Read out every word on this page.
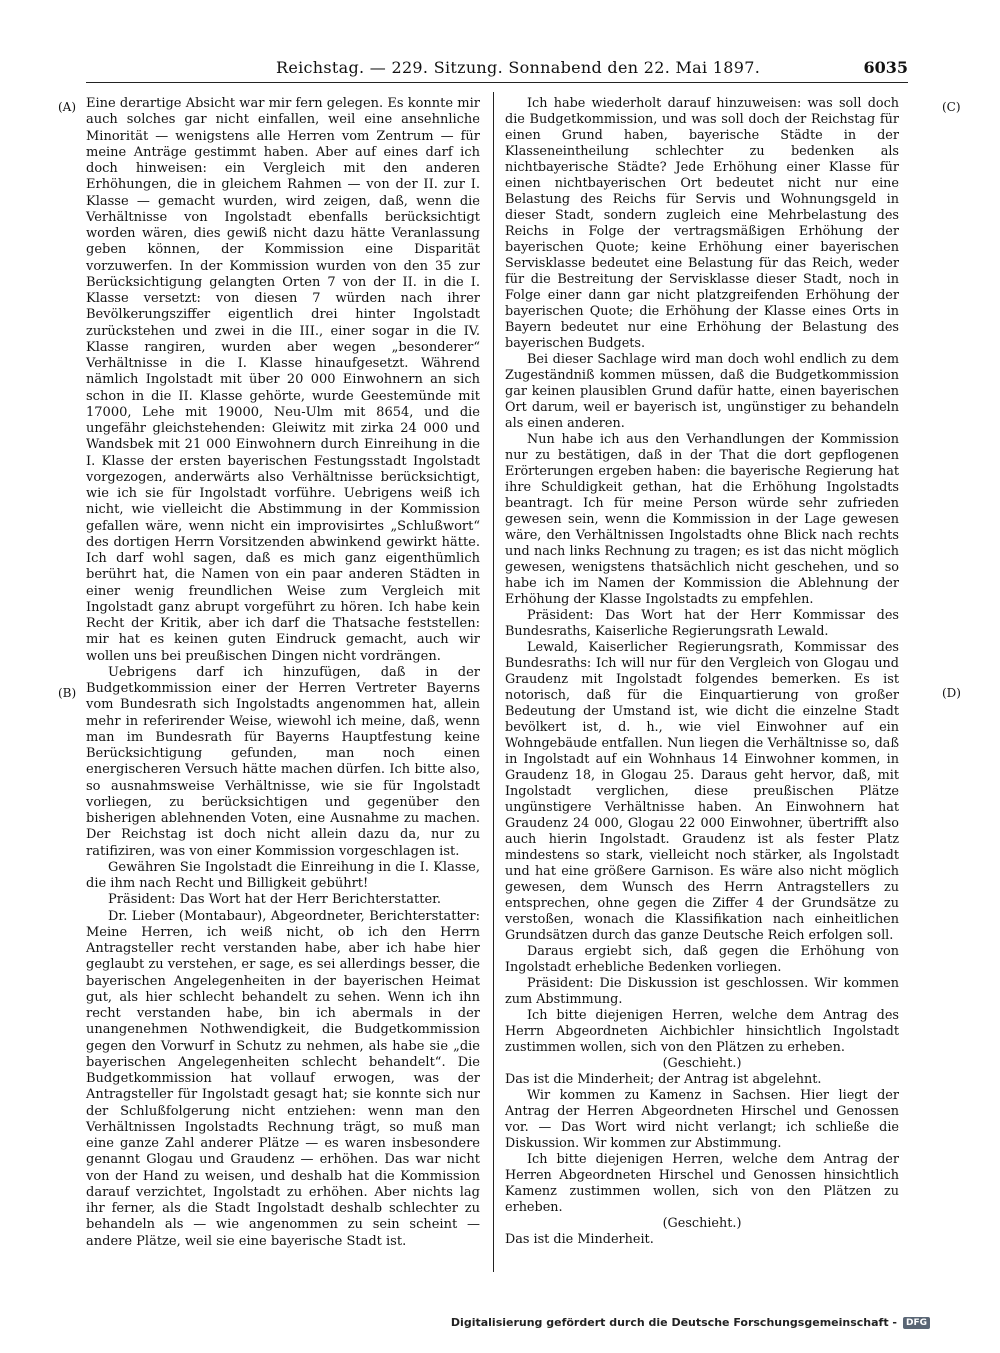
Reichstag. — 229. Sitzung. Sonnabend den 22. Mai 1897.	6035
(A)
(B)
(C)
(D)

Eine derartige Absicht war mir fern gelegen. Es konnte mir auch solches gar nicht einfallen, weil eine ansehnliche Minorität — wenigstens alle Herren vom Zentrum — für meine Anträge gestimmt haben. Aber auf eines darf ich doch hinweisen: ein Vergleich mit den anderen Erhöhungen, die in gleichem Rahmen — von der II. zur I. Klasse — gemacht wurden, wird zeigen, daß, wenn die Verhältnisse von Ingolstadt ebenfalls berücksichtigt worden wären, dies gewiß nicht dazu hätte Veranlassung geben können, der Kommission eine Disparität vorzuwerfen. In der Kommission wurden von den 35 zur Berücksichtigung gelangten Orten 7 von der II. in die I. Klasse versetzt: von diesen 7 würden nach ihrer Bevölkerungsziffer eigentlich drei hinter Ingolstadt zurückstehen und zwei in die III., einer sogar in die IV. Klasse rangiren, wurden aber wegen „besonderer“ Verhältnisse in die I. Klasse hinaufgesetzt. Während nämlich Ingolstadt mit über 20 000 Einwohnern an sich schon in die II. Klasse gehörte, wurde Geestemünde mit 17000, Lehe mit 19000, Neu-Ulm mit 8654, und die ungefähr gleichstehenden: Gleiwitz mit zirka 24 000 und Wandsbek mit 21 000 Einwohnern durch Einreihung in die I. Klasse der ersten bayerischen Festungsstadt Ingolstadt vorgezogen, anderwärts also Verhältnisse berücksichtigt, wie ich sie für Ingolstadt vorführe. Uebrigens weiß ich nicht, wie vielleicht die Abstimmung in der Kommission gefallen wäre, wenn nicht ein improvisirtes „Schlußwort“ des dortigen Herrn Vorsitzenden abwinkend gewirkt hätte. Ich darf wohl sagen, daß es mich ganz eigenthümlich berührt hat, die Namen von ein paar anderen Städten in einer wenig freundlichen Weise zum Vergleich mit Ingolstadt ganz abrupt vorgeführt zu hören. Ich habe kein Recht der Kritik, aber ich darf die Thatsache feststellen: mir hat es keinen guten Eindruck gemacht, auch wir wollen uns bei preußischen Dingen nicht vordrängen.

Uebrigens darf ich hinzufügen, daß in der Budgetkommission einer der Herren Vertreter Bayerns vom Bundesrath sich Ingolstadts angenommen hat, allein mehr in referirender Weise, wiewohl ich meine, daß, wenn man im Bundesrath für Bayerns Hauptfestung keine Berücksichtigung gefunden, man noch einen energischeren Versuch hätte machen dürfen. Ich bitte also, so ausnahmsweise Verhältnisse, wie sie für Ingolstadt vorliegen, zu berücksichtigen und gegenüber den bisherigen ablehnenden Voten, eine Ausnahme zu machen. Der Reichstag ist doch nicht allein dazu da, nur zu ratifiziren, was von einer Kommission vorgeschlagen ist.

Gewähren Sie Ingolstadt die Einreihung in die I. Klasse, die ihm nach Recht und Billigkeit gebührt!

Präsident: Das Wort hat der Herr Berichterstatter.

Dr. Lieber (Montabaur), Abgeordneter, Berichterstatter: Meine Herren, ich weiß nicht, ob ich den Herrn Antragsteller recht verstanden habe, aber ich habe hier geglaubt zu verstehen, er sage, es sei allerdings besser, die bayerischen Angelegenheiten in der bayerischen Heimat gut, als hier schlecht behandelt zu sehen. Wenn ich ihn recht verstanden habe, bin ich abermals in der unangenehmen Nothwendigkeit, die Budgetkommission gegen den Vorwurf in Schutz zu nehmen, als habe sie „die bayerischen Angelegenheiten schlecht behandelt“. Die Budgetkommission hat vollauf erwogen, was der Antragsteller für Ingolstadt gesagt hat; sie konnte sich nur der Schlußfolgerung nicht entziehen: wenn man den Verhältnissen Ingolstadts Rechnung trägt, so muß man eine ganze Zahl anderer Plätze — es waren insbesondere genannt Glogau und Graudenz — erhöhen. Das war nicht von der Hand zu weisen, und deshalb hat die Kommission darauf verzichtet, Ingolstadt zu erhöhen. Aber nichts lag ihr ferner, als die Stadt Ingolstadt deshalb schlechter zu behandeln als — wie angenommen zu sein scheint — andere Plätze, weil sie eine bayerische Stadt ist.

Ich habe wiederholt darauf hinzuweisen: was soll doch die Budgetkommission, und was soll doch der Reichstag für einen Grund haben, bayerische Städte in der Klasseneintheilung schlechter zu bedenken als nichtbayerische Städte? Jede Erhöhung einer Klasse für einen nichtbayerischen Ort bedeutet nicht nur eine Belastung des Reichs für Servis und Wohnungsgeld in dieser Stadt, sondern zugleich eine Mehrbelastung des Reichs in Folge der vertragsmäßigen Erhöhung der bayerischen Quote; keine Erhöhung einer bayerischen Servisklasse bedeutet eine Belastung für das Reich, weder für die Bestreitung der Servisklasse dieser Stadt, noch in Folge einer dann gar nicht platzgreifenden Erhöhung der bayerischen Quote; die Erhöhung der Klasse eines Orts in Bayern bedeutet nur eine Erhöhung der Belastung des bayerischen Budgets.

Bei dieser Sachlage wird man doch wohl endlich zu dem Zugeständniß kommen müssen, daß die Budgetkommission gar keinen plausiblen Grund dafür hatte, einen bayerischen Ort darum, weil er bayerisch ist, ungünstiger zu behandeln als einen anderen.

Nun habe ich aus den Verhandlungen der Kommission nur zu bestätigen, daß in der That die dort gepflogenen Erörterungen ergeben haben: die bayerische Regierung hat ihre Schuldigkeit gethan, hat die Erhöhung Ingolstadts beantragt. Ich für meine Person würde sehr zufrieden gewesen sein, wenn die Kommission in der Lage gewesen wäre, den Verhältnissen Ingolstadts ohne Blick nach rechts und nach links Rechnung zu tragen; es ist das nicht möglich gewesen, wenigstens thatsächlich nicht geschehen, und so habe ich im Namen der Kommission die Ablehnung der Erhöhung der Klasse Ingolstadts zu empfehlen.

Präsident: Das Wort hat der Herr Kommissar des Bundesraths, Kaiserliche Regierungsrath Lewald.

Lewald, Kaiserlicher Regierungsrath, Kommissar des Bundesraths: Ich will nur für den Vergleich von Glogau und Graudenz mit Ingolstadt folgendes bemerken. Es ist notorisch, daß für die Einquartierung von großer Bedeutung der Umstand ist, wie dicht die einzelne Stadt bevölkert ist, d. h., wie viel Einwohner auf ein Wohngebäude entfallen. Nun liegen die Verhältnisse so, daß in Ingolstadt auf ein Wohnhaus 14 Einwohner kommen, in Graudenz 18, in Glogau 25. Daraus geht hervor, daß, mit Ingolstadt verglichen, diese preußischen Plätze ungünstigere Verhältnisse haben. An Einwohnern hat Graudenz 24 000, Glogau 22 000 Einwohner, übertrifft also auch hierin Ingolstadt. Graudenz ist als fester Platz mindestens so stark, vielleicht noch stärker, als Ingolstadt und hat eine größere Garnison. Es wäre also nicht möglich gewesen, dem Wunsch des Herrn Antragstellers zu entsprechen, ohne gegen die Ziffer 4 der Grundsätze zu verstoßen, wonach die Klassifikation nach einheitlichen Grundsätzen durch das ganze Deutsche Reich erfolgen soll.

Daraus ergiebt sich, daß gegen die Erhöhung von Ingolstadt erhebliche Bedenken vorliegen.

Präsident: Die Diskussion ist geschlossen. Wir kommen zum Abstimmung.

Ich bitte diejenigen Herren, welche dem Antrag des Herrn Abgeordneten Aichbichler hinsichtlich Ingolstadt zustimmen wollen, sich von den Plätzen zu erheben.

(Geschieht.)

Das ist die Minderheit; der Antrag ist abgelehnt.

Wir kommen zu Kamenz in Sachsen. Hier liegt der Antrag der Herren Abgeordneten Hirschel und Genossen vor. — Das Wort wird nicht verlangt; ich schließe die Diskussion. Wir kommen zur Abstimmung.

Ich bitte diejenigen Herren, welche dem Antrag der Herren Abgeordneten Hirschel und Genossen hinsichtlich Kamenz zustimmen wollen, sich von den Plätzen zu erheben.

(Geschieht.)

Das ist die Minderheit.

Digitalisierung gefördert durch die Deutsche Forschungsgemeinschaft -	DFG
